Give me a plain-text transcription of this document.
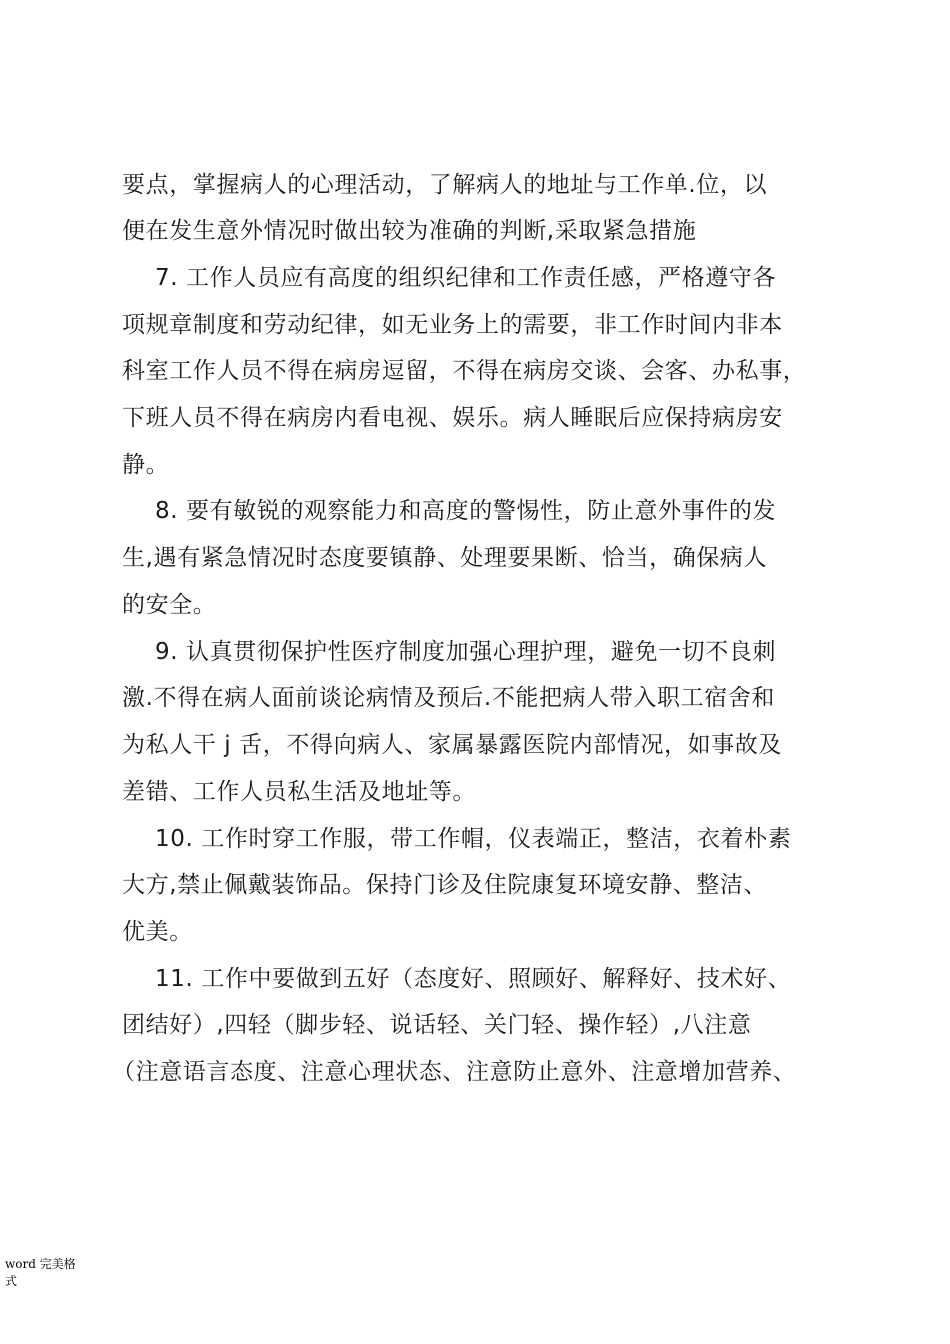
要点，掌握病人的心理活动，了解病人的地址与工作单.位，以
便在发生意外情况时做出较为准确的判断,采取紧急措施
7. 工作人员应有高度的组织纪律和工作责任感，严格遵守各
项规章制度和劳动纪律，如无业务上的需要，非工作时间内非本
科室工作人员不得在病房逗留，不得在病房交谈、会客、办私事，
下班人员不得在病房内看电视、娱乐。病人睡眠后应保持病房安
静。
8. 要有敏锐的观察能力和高度的警惕性，防止意外事件的发
生,遇有紧急情况时态度要镇静、处理要果断、恰当，确保病人
的安全。
9. 认真贯彻保护性医疗制度加强心理护理，避免一切不良刺
激.不得在病人面前谈论病情及预后.不能把病人带入职工宿舍和
为私人干 j 舌，不得向病人、家属暴露医院内部情况，如事故及
差错、工作人员私生活及地址等。
10. 工作时穿工作服，带工作帽，仪表端正，整洁，衣着朴素
大方,禁止佩戴装饰品。保持门诊及住院康复环境安静、整洁、
优美。
11. 工作中要做到五好（态度好、照顾好、解释好、技术好、
团结好）,四轻（脚步轻、说话轻、关门轻、操作轻）,八注意
（注意语言态度、注意心理状态、注意防止意外、注意增加营养、
word 完美格
式
